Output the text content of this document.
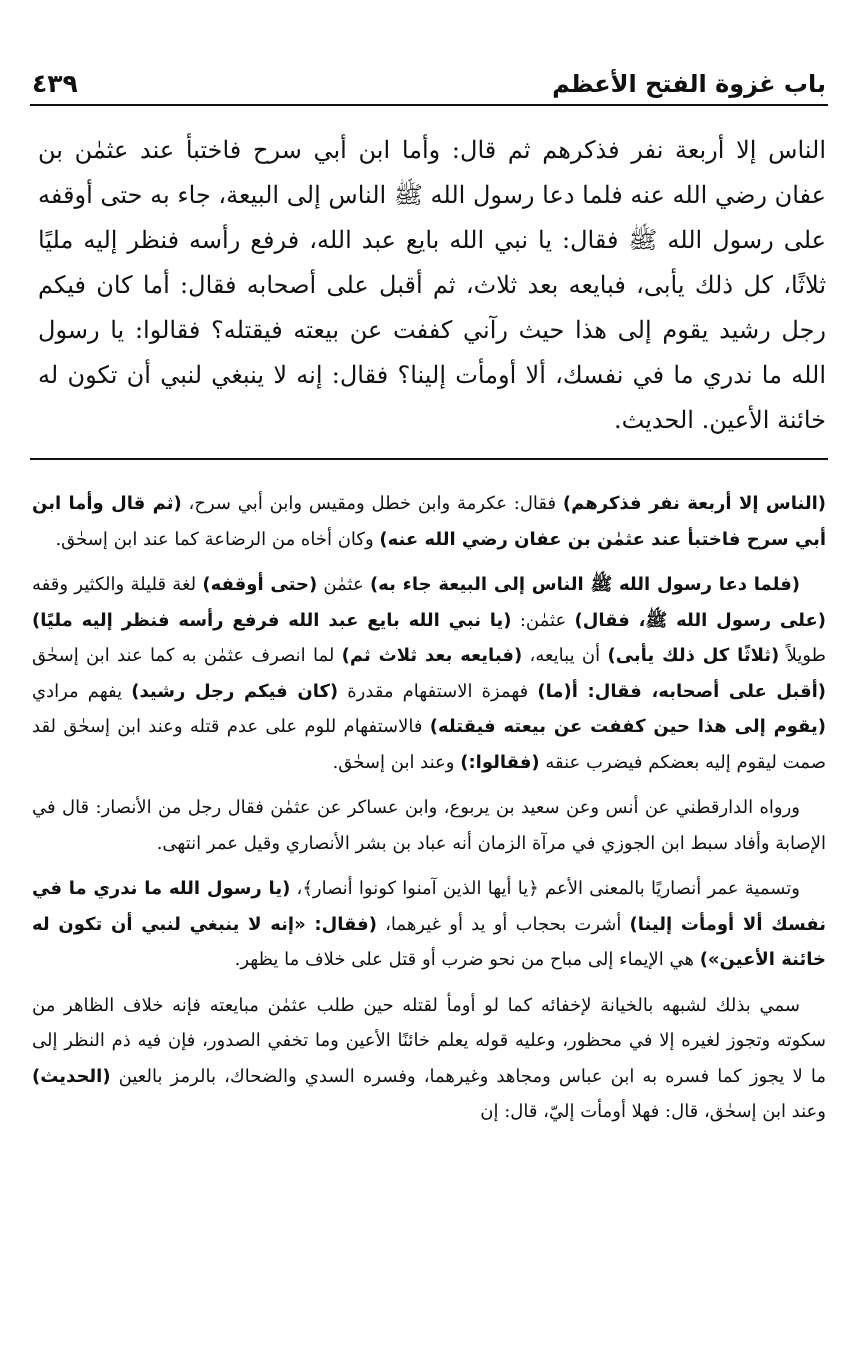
٤٣٩	باب غزوة الفتح الأعظم

الناس إلا أربعة نفر فذكرهم ثم قال: وأما ابن أبي سرح فاختبأ عند عثمٰن بن عفان رضي الله عنه فلما دعا رسول الله ﷺ الناس إلى البيعة، جاء به حتى أوقفه على رسول الله ﷺ فقال: يا نبي الله بايع عبد الله، فرفع رأسه فنظر إليه مليًا ثلاثًا، كل ذلك يأبى، فبايعه بعد ثلاث، ثم أقبل على أصحابه فقال: أما كان فيكم رجل رشيد يقوم إلى هذا حيث رآني كففت عن بيعته فيقتله؟ فقالوا: يا رسول الله ما ندري ما في نفسك، ألا أومأت إلينا؟ فقال: إنه لا ينبغي لنبي أن تكون له خائنة الأعين. الحديث.

(الناس إلا أربعة نفر فذكرهم) فقال: عكرمة وابن خطل ومقيس وابن أبي سرح، (ثم قال وأما ابن أبي سرح فاختبأ عند عثمٰن بن عفان رضي الله عنه) وكان أخاه من الرضاعة كما عند ابن إسحٰق.

(فلما دعا رسول الله ﷺ الناس إلى البيعة جاء به) عثمٰن (حتى أوقفه) لغة قليلة والكثير وقفه (على رسول الله ﷺ، فقال) عثمٰن: (يا نبي الله بايع عبد الله فرفع رأسه فنظر إليه مليًا) طويلاً (ثلاثًا كل ذلك يأبى) أن يبايعه، (فبايعه بعد ثلاث ثم) لما انصرف عثمٰن به كما عند ابن إسحٰق (أقبل على أصحابه، فقال: أ(ما) فهمزة الاستفهام مقدرة (كان فيكم رجل رشيد) يفهم مرادي (يقوم إلى هذا حين كففت عن بيعته فيقتله) فالاستفهام للوم على عدم قتله وعند ابن إسحٰق لقد صمت ليقوم إليه بعضكم فيضرب عنقه (فقالوا:) وعند ابن إسحٰق.

ورواه الدارقطني عن أنس وعن سعيد بن يربوع، وابن عساكر عن عثمٰن فقال رجل من الأنصار: قال في الإصابة وأفاد سبط ابن الجوزي في مرآة الزمان أنه عباد بن بشر الأنصاري وقيل عمر انتهى.

وتسمية عمر أنصاريًا بالمعنى الأعم ﴿يا أيها الذين آمنوا كونوا أنصار﴾، (يا رسول الله ما ندري ما في نفسك ألا أومأت إلينا) أشرت بحجاب أو يد أو غيرهما، (فقال: «إنه لا ينبغي لنبي أن تكون له خائنة الأعين») هي الإيماء إلى مباح من نحو ضرب أو قتل على خلاف ما يظهر.

سمي بذلك لشبهه بالخيانة لإخفائه كما لو أومأ لقتله حين طلب عثمٰن مبايعته فإنه خلاف الظاهر من سكوته وتجوز لغيره إلا في محظور، وعليه قوله يعلم خائنًا الأعين وما تخفي الصدور، فإن فيه ذم النظر إلى ما لا يجوز كما فسره به ابن عباس ومجاهد وغيرهما، وفسره السدي والضحاك، بالرمز بالعين (الحديث) وعند ابن إسحٰق، قال: فهلا أومأت إليّ، قال: إن
